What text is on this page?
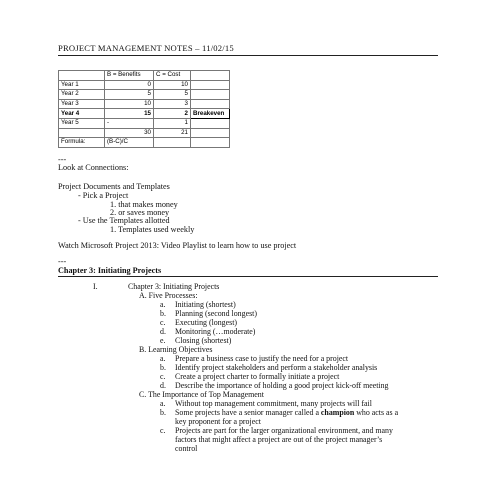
PROJECT MANAGEMENT NOTES – 11/02/15
	B = Benefits	C = Cost	
Year 1	0	10	
Year 2	5	5	
Year 3	10	3	
Year 4	15	2	Breakeven
Year 5	-	1	
	30	21	
Formula:	(B-C)/C		
---
Look at Connections:
Project Documents and Templates
- Pick a Project
1. that makes money
2. or saves money
- Use the Templates allotted
1. Templates used weekly
Watch Microsoft Project 2013: Video Playlist to learn how to use project
---
Chapter 3: Initiating Projects
I.	Chapter 3: Initiating Projects
A. Five Processes:
a. Initiating (shortest)
b. Planning (second longest)
c. Executing (longest)
d. Monitoring (…moderate)
e. Closing (shortest)
B. Learning Objectives
a. Prepare a business case to justify the need for a project
b. Identify project stakeholders and perform a stakeholder analysis
c. Create a project charter to formally initiate a project
d. Describe the importance of holding a good project kick-off meeting
C. The Importance of Top Management
a. Without top management commitment, many projects will fail
b. Some projects have a senior manager called a champion who acts as a
key proponent for a project
c. Projects are part for the larger organizational environment, and many
factors that might affect a project are out of the project manager’s
control
